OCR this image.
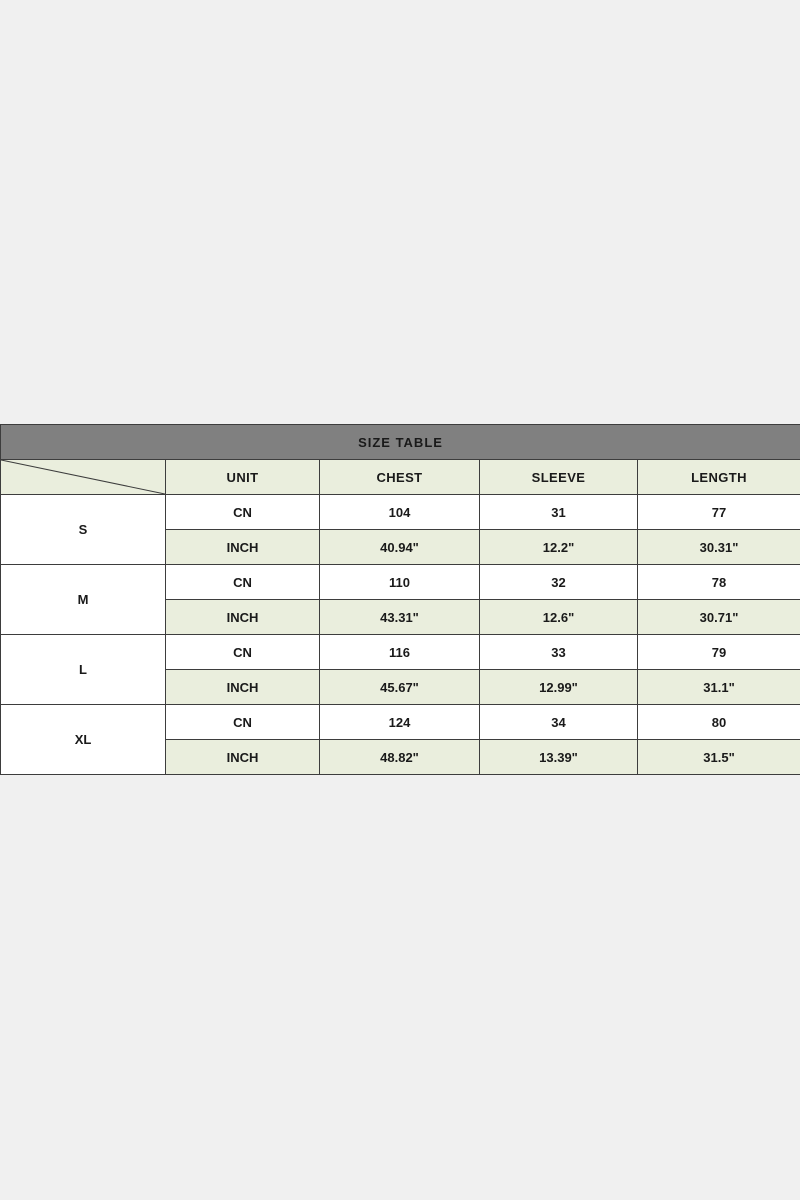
SIZE TABLE				

	UNIT	CHEST	SLEEVE	LENGTH
S	CN	104	31	77
	INCH	40.94"	12.2"	30.31"
M	CN	110	32	78
	INCH	43.31"	12.6"	30.71"
L	CN	116	33	79
	INCH	45.67"	12.99"	31.1"
XL	CN	124	34	80
	INCH	48.82"	13.39"	31.5"
